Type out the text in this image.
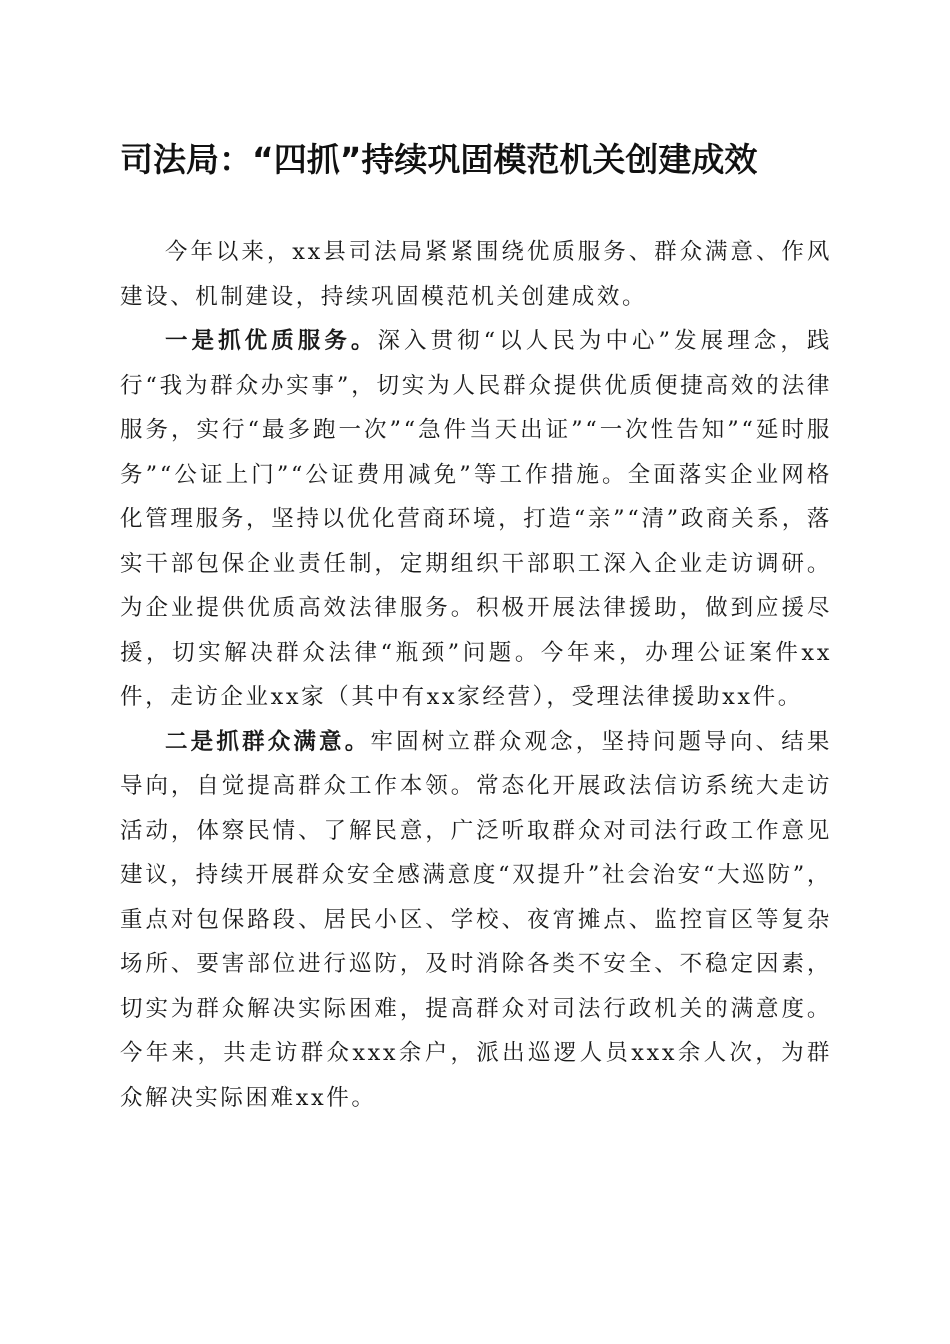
司法局：“四抓”持续巩固模范机关创建成效

今年以来，xx县司法局紧紧围绕优质服务、群众满意、作风建设、机制建设，持续巩固模范机关创建成效。

一是抓优质服务。深入贯彻“以人民为中心”发展理念，践行“我为群众办实事”，切实为人民群众提供优质便捷高效的法律服务，实行“最多跑一次”“急件当天出证”“一次性告知”“延时服务”“公证上门”“公证费用减免”等工作措施。全面落实企业网格化管理服务，坚持以优化营商环境，打造“亲”“清”政商关系，落实干部包保企业责任制，定期组织干部职工深入企业走访调研。为企业提供优质高效法律服务。积极开展法律援助，做到应援尽援，切实解决群众法律“瓶颈”问题。今年来，办理公证案件xx件，走访企业xx家（其中有xx家经营），受理法律援助xx件。

二是抓群众满意。牢固树立群众观念，坚持问题导向、结果导向，自觉提高群众工作本领。常态化开展政法信访系统大走访活动，体察民情、了解民意，广泛听取群众对司法行政工作意见建议，持续开展群众安全感满意度“双提升”社会治安“大巡防”，重点对包保路段、居民小区、学校、夜宵摊点、监控盲区等复杂场所、要害部位进行巡防，及时消除各类不安全、不稳定因素，切实为群众解决实际困难，提高群众对司法行政机关的满意度。今年来，共走访群众xxx余户，派出巡逻人员xxx余人次，为群众解决实际困难xx件。
